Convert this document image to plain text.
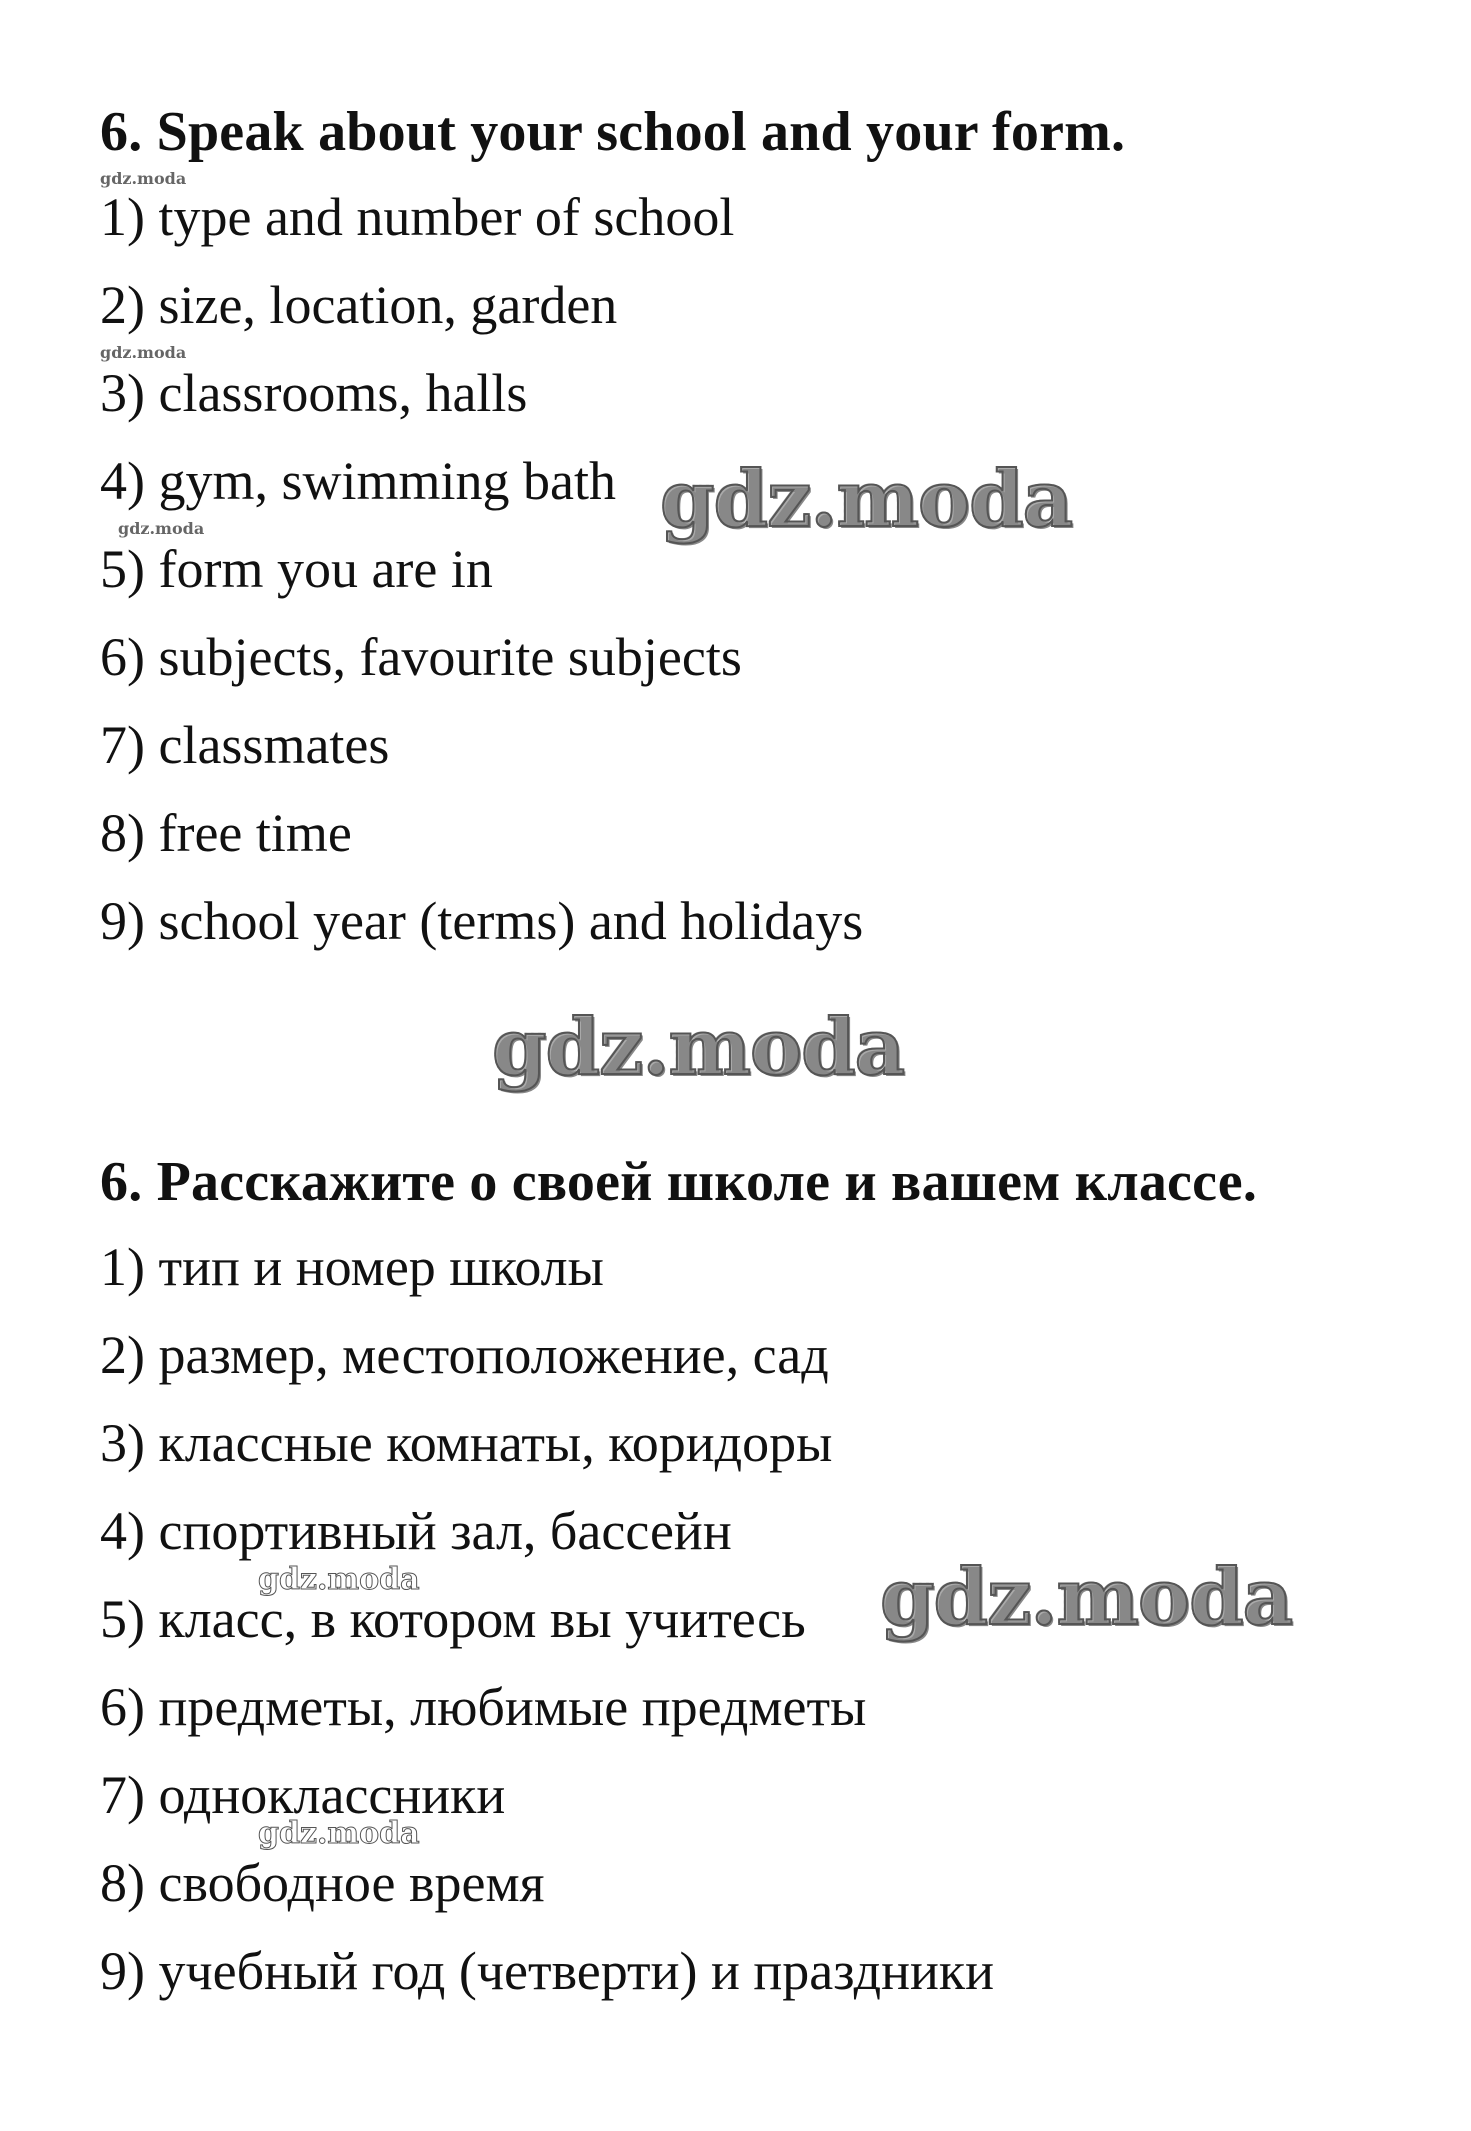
6. Speak about your school and your form.
gdz.moda
1) type and number of school
2) size, location, garden
gdz.moda
3) classrooms, halls
4) gym, swimming bath gdz.moda
gdz.moda
5) form you are in
6) subjects, favourite subjects
7) classmates
8) free time
9) school year (terms) and holidays
gdz.moda
6. Расскажите о своей школе и вашем классе.
1) тип и номер школы
2) размер, местоположение, сад
3) классные комнаты, коридоры
4) спортивный зал, бассейн
gdz.moda
5) класс, в котором вы учитесь gdz.moda
6) предметы, любимые предметы
7) одноклассники
gdz.moda
8) свободное время
9) учебный год (четверти) и праздники
